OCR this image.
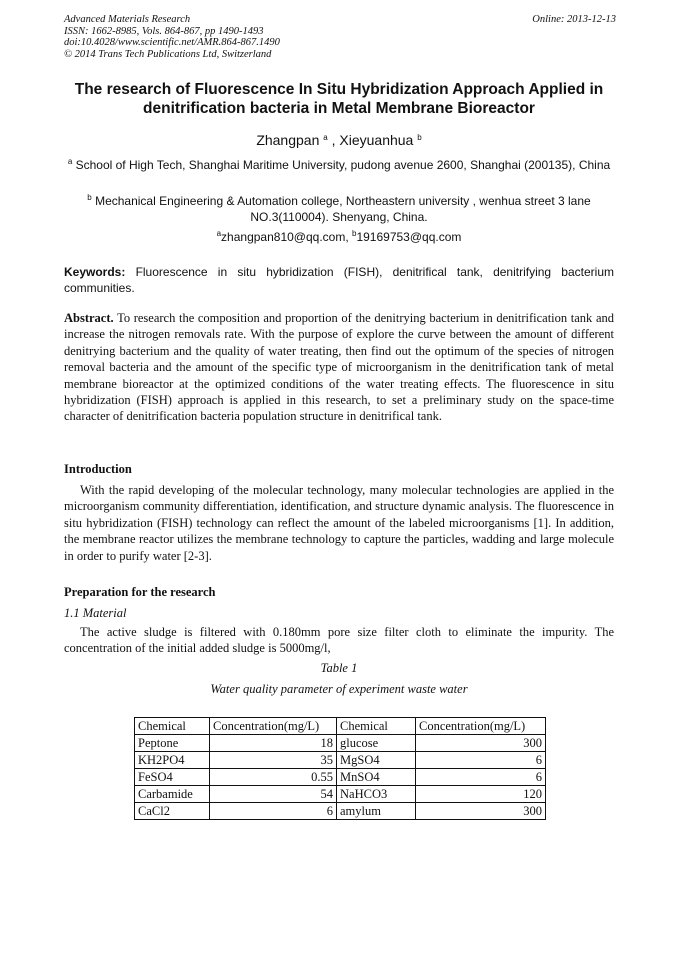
Advanced Materials Research
ISSN: 1662-8985, Vols. 864-867, pp 1490-1493
doi:10.4028/www.scientific.net/AMR.864-867.1490
© 2014 Trans Tech Publications Ltd, Switzerland
Online: 2013-12-13
The research of Fluorescence In Situ Hybridization Approach Applied in
denitrification bacteria in Metal Membrane Bioreactor
Zhangpan $^a$ , Xieyuanhua $^b$
$^a$ School of High Tech, Shanghai Maritime University, pudong avenue 2600, Shanghai (200135), China
$^b$ Mechanical Engineering & Automation college, Northeastern university , wenhua street 3 lane NO.3(110004). Shenyang, China.
$^a$zhangpan810@qq.com, $^b$19169753@qq.com
Keywords: Fluorescence in situ hybridization (FISH), denitrifical tank, denitrifying bacterium communities.
Abstract. To research the composition and proportion of the denitrying bacterium in denitrification tank and increase the nitrogen removals rate. With the purpose of explore the curve between the amount of different denitrying bacterium and the quality of water treating, then find out the optimum of the species of nitrogen removal bacteria and the amount of the specific type of microorganism in the denitrification tank of metal membrane bioreactor at the optimized conditions of the water treating effects. The fluorescence in situ hybridization (FISH) approach is applied in this research, to set a preliminary study on the space-time character of denitrification bacteria population structure in denitrifical tank.
Introduction
With the rapid developing of the molecular technology, many molecular technologies are applied in the microorganism community differentiation, identification, and structure dynamic analysis. The fluorescence in situ hybridization (FISH) technology can reflect the amount of the labeled microorganisms [1]. In addition, the membrane reactor utilizes the membrane technology to capture the particles, wadding and large molecule in order to purify water [2-3].
Preparation for the research
1.1 Material
The active sludge is filtered with 0.180mm pore size filter cloth to eliminate the impurity. The concentration of the initial added sludge is 5000mg/l,
Table 1
Water quality parameter of experiment waste water
Chemical	Concentration(mg/L)	Chemical	Concentration(mg/L)
Peptone	18	glucose	300
KH2PO4	35	MgSO4	6
FeSO4	0.55	MnSO4	6
Carbamide	54	NaHCO3	120
CaCl2	6	amylum	300
